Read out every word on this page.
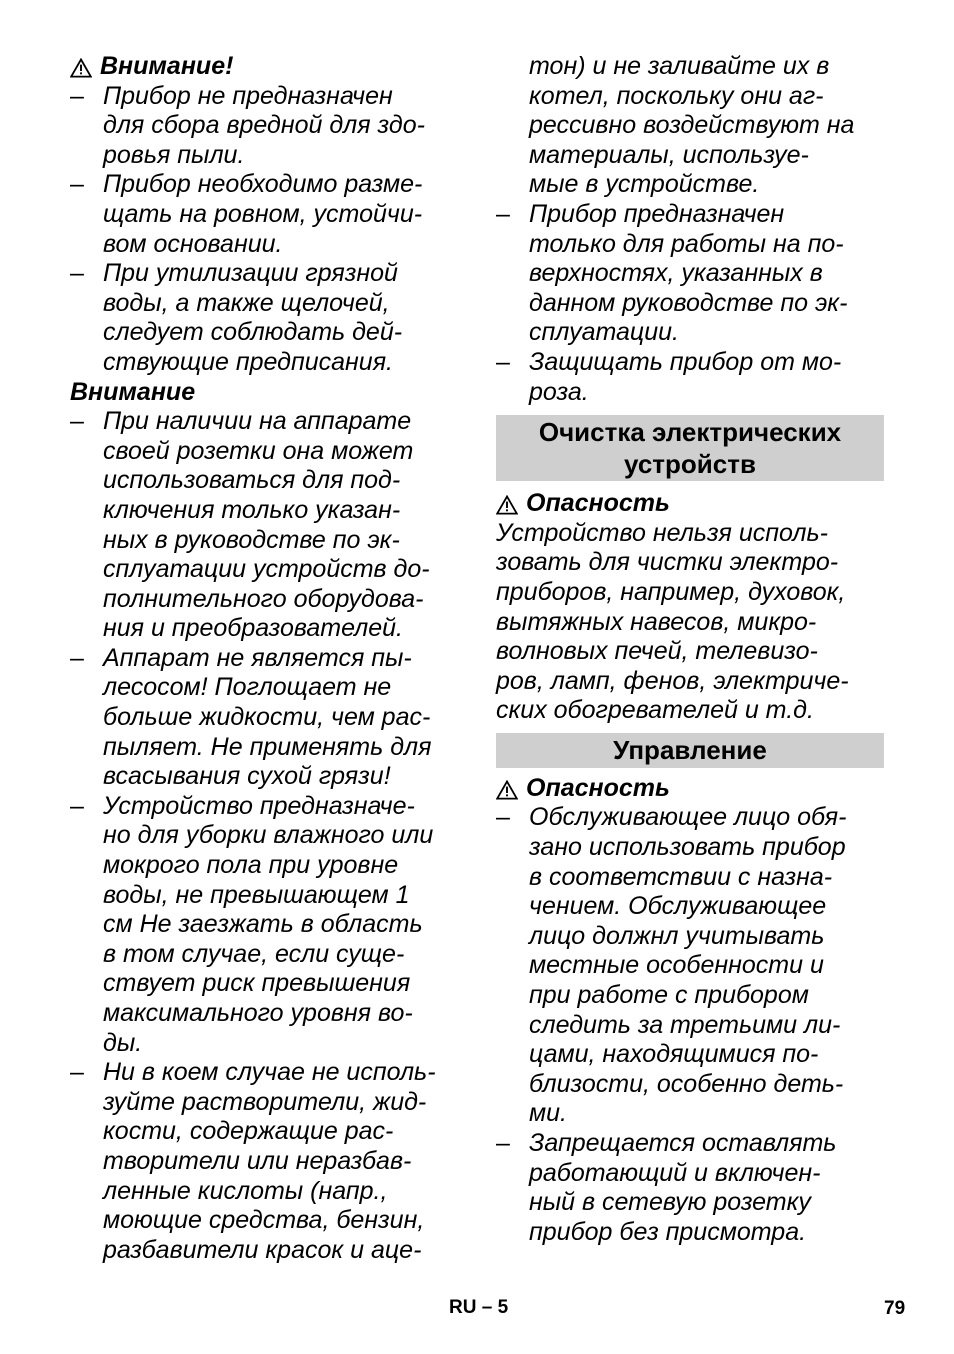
Внимание!
– Прибор не предназначен
для сбора вредной для здо-
ровья пыли.
– Прибор необходимо разме-
щать на ровном, устойчи-
вом основании.
– При утилизации грязной
воды, а также щелочей,
следует соблюдать дей-
ствующие предписания.
Внимание
– При наличии на аппарате
своей розетки она может
использоваться для под-
ключения только указан-
ных в руководстве по эк-
сплуатации устройств до-
полнительного оборудова-
ния и преобразователей.
– Аппарат не является пы-
лесосом! Поглощает не
больше жидкости, чем рас-
пыляет. Не применять для
всасывания сухой грязи!
– Устройство предназначе-
но для уборки влажного или
мокрого пола при уровне
воды, не превышающем 1
см Не заезжать в область
в том случае, если суще-
ствует риск превышения
максимального уровня во-
ды.
– Ни в коем случае не исполь-
зуйте растворители, жид-
кости, содержащие рас-
творители или неразбав-
ленные кислоты (напр.,
моющие средства, бензин,
разбавители красок и аце-
тон) и не заливайте их в
котел, поскольку они аг-
рессивно воздействуют на
материалы, используе-
мые в устройстве.
– Прибор предназначен
только для работы на по-
верхностях, указанных в
данном руководстве по эк-
сплуатации.
– Защищать прибор от мо-
роза.
Очистка электрических
устройств
Опасность
Устройство нельзя исполь-
зовать для чистки электро-
приборов, например, духовок,
вытяжных навесов, микро-
волновых печей, телевизо-
ров, ламп, фенов, электриче-
ских обогревателей и т.д.
Управление
Опасность
– Обслуживающее лицо обя-
зано использовать прибор
в соответствии с назна-
чением. Обслуживающее
лицо должнл учитывать
местные особенности и
при работе с прибором
следить за третьими ли-
цами, находящимися по-
близости, особенно деть-
ми.
– Запрещается оставлять
работающий и включен-
ный в сетевую розетку
прибор без присмотра.
RU – 5	79
